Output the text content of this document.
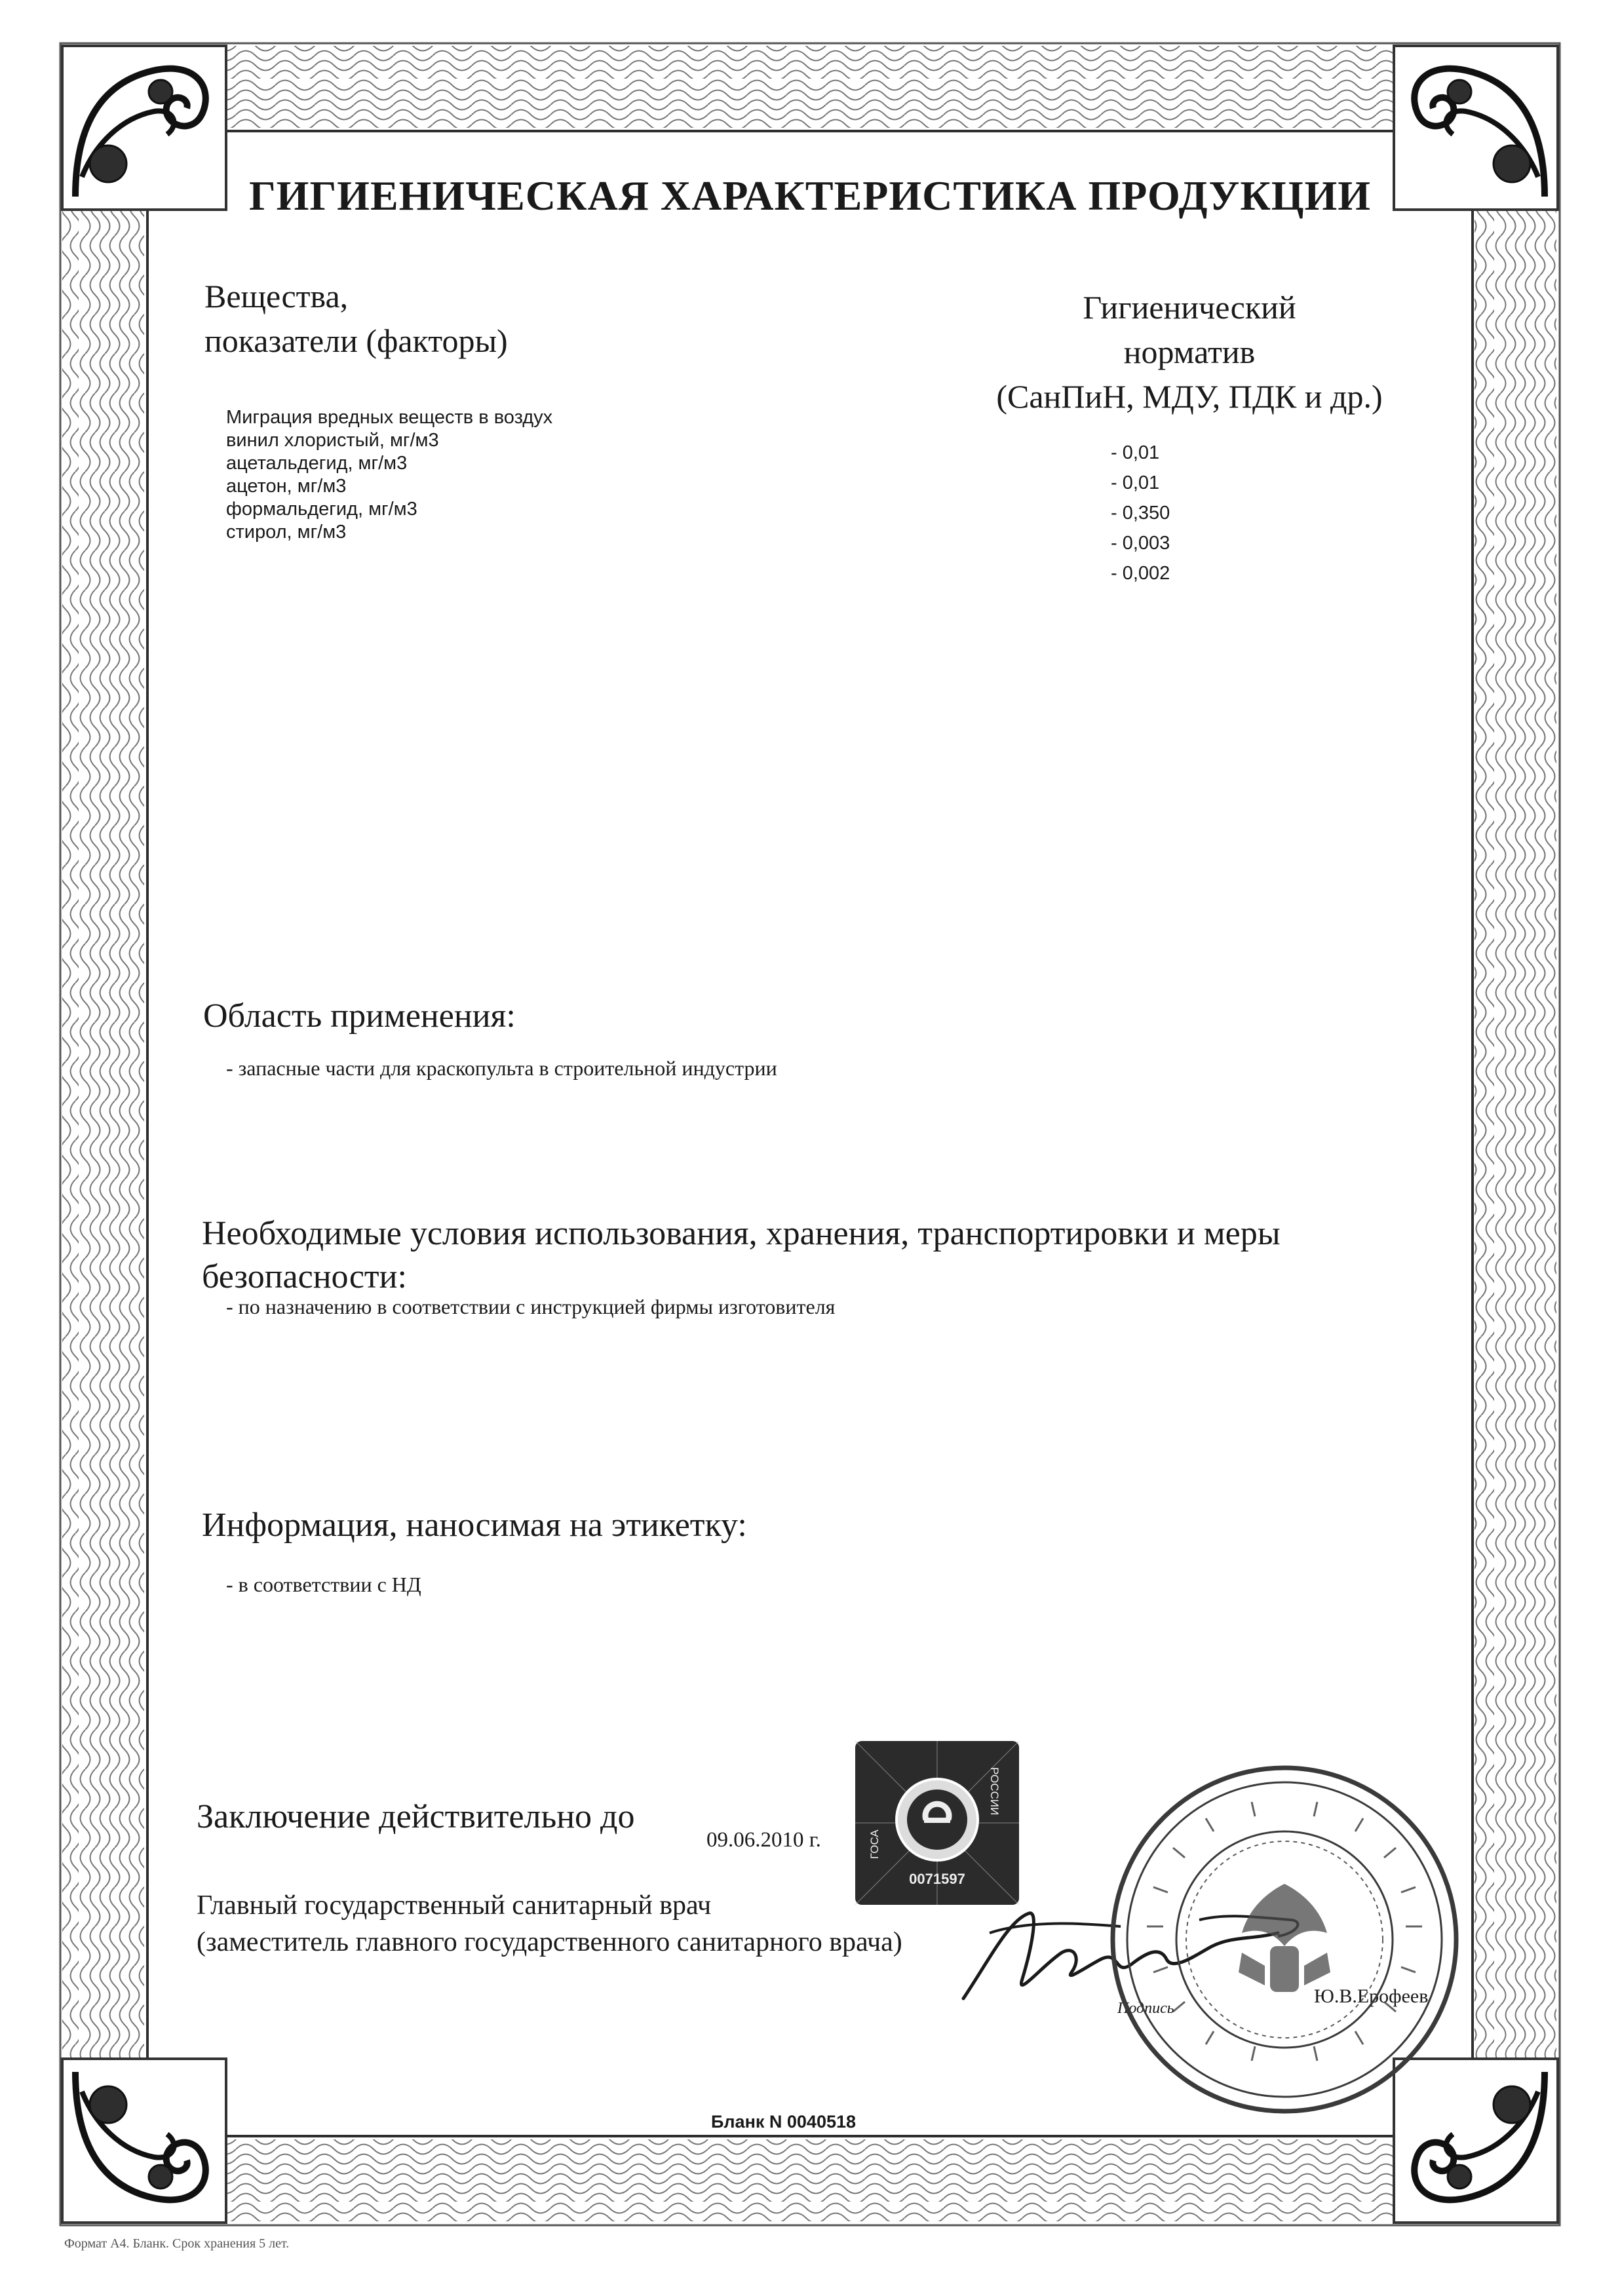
ГИГИЕНИЧЕСКАЯ ХАРАКТЕРИСТИКА ПРОДУКЦИИ
Вещества,
показатели (факторы)
Гигиенический
норматив
(СанПиН, МДУ, ПДК и др.)
Миграция вредных веществ в воздух
винил хлористый, мг/м3
ацетальдегид, мг/м3
ацетон, мг/м3
формальдегид, мг/м3
стирол, мг/м3
- 0,01
- 0,01
- 0,350
- 0,003
- 0,002
Область применения:
- запасные части для краскопульта в строительной индустрии
Необходимые условия использования, хранения, транспортировки и меры
безопасности:
- по назначению в соответствии с инструкцией фирмы изготовителя
Информация, наносимая на этикетку:
- в соответствии с НД
Заключение действительно до
09.06.2010 г.	ГОСА
РОССИИ
0071597
Главный государственный санитарный врач
(заместитель главного государственного санитарного врача)
Подпись
Ю.В.Ерофеев
Бланк N 0040518
Формат А4. Бланк. Срок хранения 5 лет.
